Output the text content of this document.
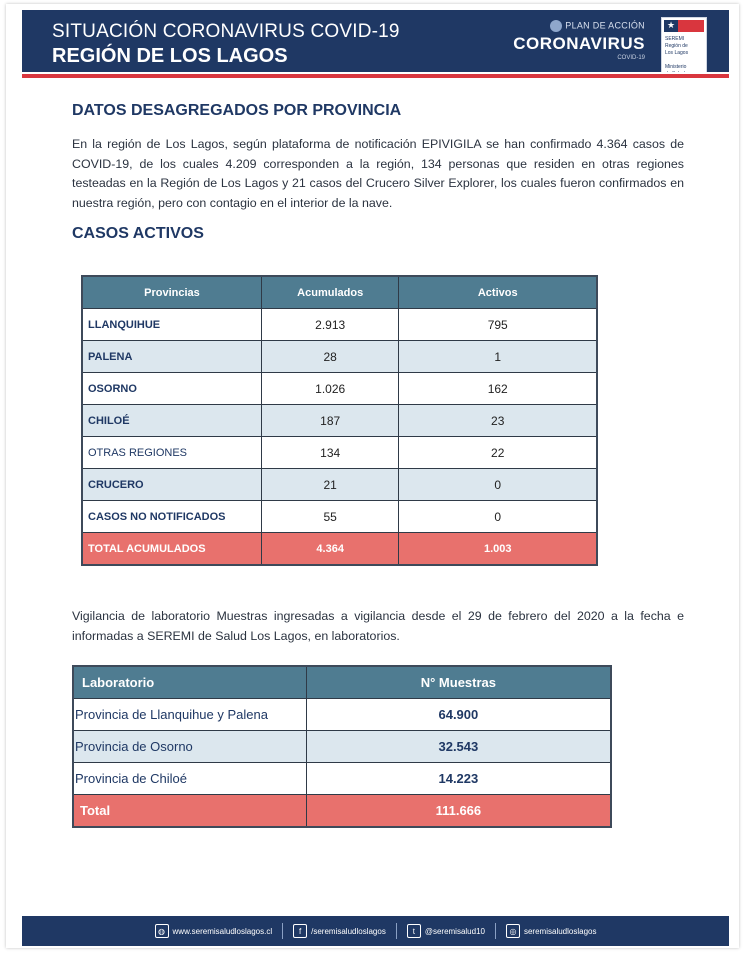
SITUACIÓN CORONAVIRUS COVID-19
REGIÓN DE LOS LAGOS
PLAN DE ACCIÓN
CORONAVIRUS
COVID-19
★
SEREMI
Región de
Los Lagos

Ministerio

DATOS DESAGREGADOS POR PROVINCIA
En la región de Los Lagos, según plataforma de notificación EPIVIGILA se han confirmado 4.364 casos de COVID-19, de los cuales 4.209 corresponden a la región, 134 personas que residen en otras regiones testeadas en la Región de Los Lagos y 21 casos del Crucero Silver Explorer, los cuales fueron confirmados en nuestra región, pero con contagio en el interior de la nave.
CASOS ACTIVOS
Provincias	Acumulados	Activos
LLANQUIHUE	2.913	795
PALENA	28	1
OSORNO	1.026	162
CHILOÉ	187	23
OTRAS REGIONES	134	22
CRUCERO	21	0
CASOS NO NOTIFICADOS	55	0
TOTAL ACUMULADOS	4.364	1.003
Vigilancia de laboratorio Muestras ingresadas a vigilancia desde el 29 de febrero del 2020 a la fecha e informadas a SEREMI de Salud Los Lagos, en laboratorios.
Laboratorio	N° Muestras
Provincia de Llanquihue y Palena	64.900
Provincia de Osorno	32.543
Provincia de Chiloé	14.223
Total	111.666
◍ www.seremisaludloslagos.cl	f	/seremisaludloslagos	t	@seremisalud10	◎ seremisaludloslagos
